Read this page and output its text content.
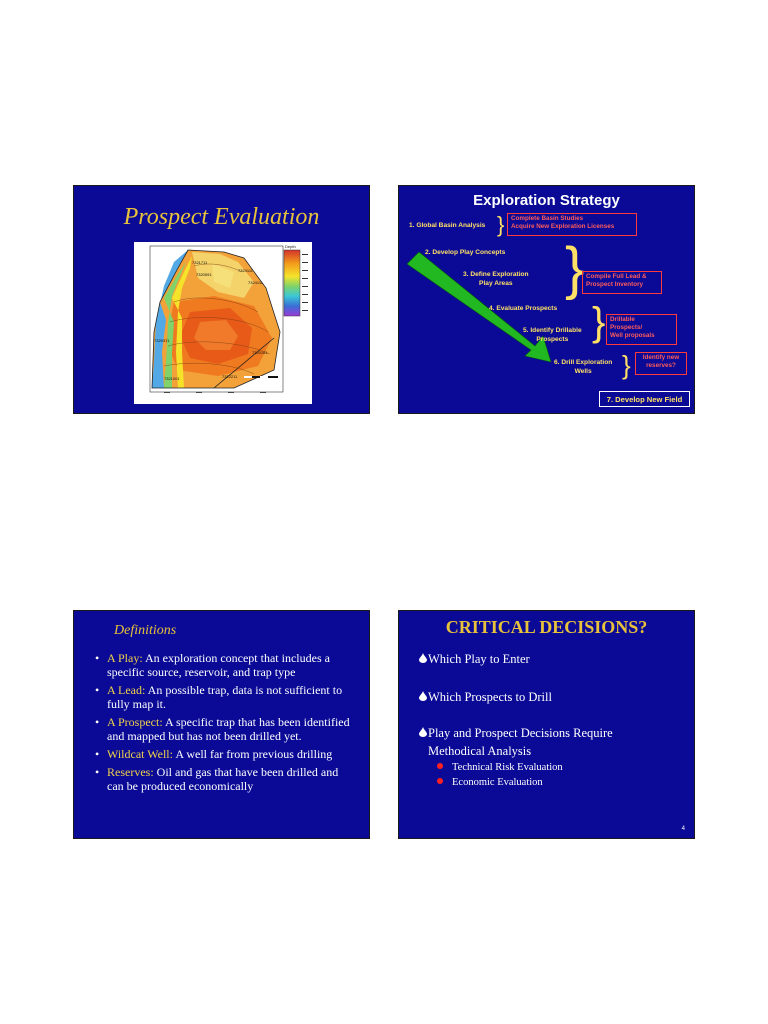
Prospect Evaluation
Depth
7321711
7320591
7324111
7324111
7329371
7320161
7321001	7322211
Exploration Strategy
1. Global Basin Analysis } Complete Basin Studies
Acquire New Exploration Licenses
2. Develop Play Concepts
3. Define Exploration
Play Areas } Compile Full Lead &
Prospect Inventory
4. Evaluate Prospects
5. Identify Drillable
Prospects } Drillable
Prospects/
Well proposals
6. Drill Exploration
Wells	}	Identify new
reserves?
7. Develop New Field
Definitions
• A Play: An exploration concept that includes a specific source, reservoir, and trap type
• A Lead: An possible trap, data is not sufficient to fully map it.
• A Prospect: A specific trap that has been identified and mapped but has not been drilled yet.
• Wildcat Well: A well far from previous drilling
• Reserves: Oil and gas that have been drilled and can be produced economically
CRITICAL DECISIONS?
Which Play to Enter
Which Prospects to Drill
Play and Prospect Decisions Require
Methodical Analysis
Technical Risk Evaluation
Economic Evaluation
4
